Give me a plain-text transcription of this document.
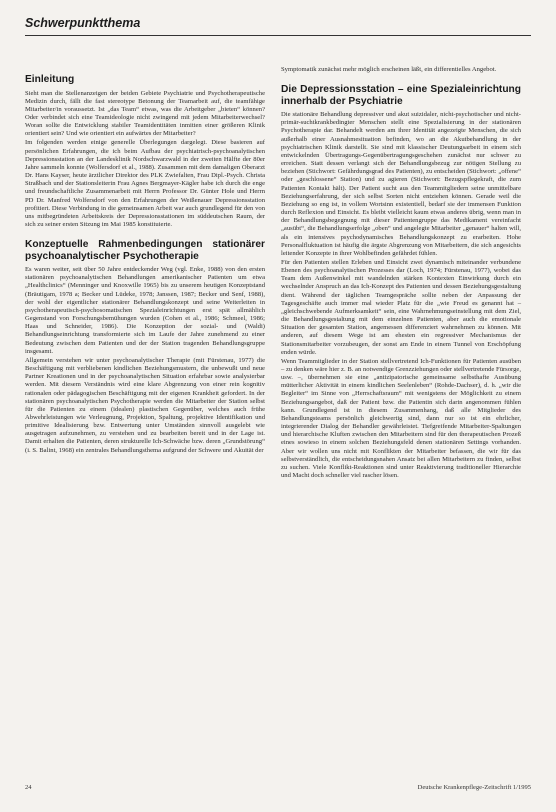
Schwerpunktthema
Einleitung

Sieht man die Stellenanzeigen der beiden Gebiete Psychiatrie und Psychotherapeutische Medizin durch, fällt die fast stereotype Betonung der Teamarbeit auf, die teamfähige Mitarbeiter/in voraussetzt. Ist „das Team“ etwas, was die Arbeitgeber „bieten“ können? Oder verbindet sich eine Teamideologie nicht zwingend mit jedem Mitarbeiterwechsel? Woran sollte die Entwicklung stabiler Teamidentitäten inmitten einer größeren Klinik orientiert sein? Und wie orientiert ein aufwärtes der Mitarbeiter?

Im folgenden werden einige generelle Überlegungen dargelegt. Diese basieren auf persönlichen Erfahrungen, die ich beim Aufbau der psychiatrisch-psychoanalytischen Depressionsstation an der Landesklinik Nordschwarzwald in der zweiten Hälfte der 80er Jahre sammeln konnte (Wolfersdorf et al., 1988). Zusammen mit dem damaligen Oberarzt Dr. Hans Kayser, heute ärztlicher Direktor des PLK Zwiefalten, Frau Dipl.-Psych. Christa Straßbach und der Stationsleiterin Frau Agnes Bergmayer-Kägler habe ich durch die enge und freundschaftliche Zusammenarbeit mit Herrn Professor Dr. Günter Hole und Herrn PD Dr. Manfred Wolfersdorf von den Erfahrungen der Weißenauer Depressionsstation profitiert. Diese Verbindung in die gemeinsamen Arbeit war auch grundlegend für den von uns mitbegründeten Arbeitskreis der Depressionsstationen im süddeutschen Raum, der sich zu seiner ersten Sitzung im Mai 1985 konstituierte.

Konzeptuelle Rahmenbedingungen stationärer psychoanalytischer Psychotherapie

Es waren weiter, seit über 50 Jahre entdeckender Weg (vgl. Enke, 1988) von den ersten stationären psychoanalytischen Behandlungen amerikanischer Patienten um etwa „Healthclinics“ (Menninger und Knoxwille 1965) bis zu unserem heutigen Konzeptstand (Bräutigam, 1978 a; Becker und Lüdeke, 1978; Janssen, 1987; Becker und Senf, 1988), der wohl der eigentlicher stationärer Behandlungskonzept und seine Weiterleiten in psychotherapeutisch-psychosomatischen Spezialeinrichtungen erst spät allmählich Gegenstand von Forschungsbemühungen wurden (Cohen et al., 1986; Schmeel, 1986; Haas und Schneider, 1986). Die Konzeption der sozial- und (Waldi) Behandlungseinrichtung transformierte sich im Laufe der Jahre zunehmend zu einer Bedeutung zwischen dem Patienten und der der Station tragenden Behandlungsgruppe insgesamt.

Allgemein verstehen wir unter psychoanalytischer Therapie (mit Fürstenau, 1977) die Beschäftigung mit verbliebenen kindlichen Beziehungsmustern, die unbewußt und neue Partner Kreationen und in der psychoanalytischen Situation erfahrbar sowie analysierbar werden. Mit diesem Verständnis wird eine klare Abgrenzung von einer rein kognitiv rationalen oder pädagogischen Beschäftigung mit der eigenen Krankheit gefordert. In der stationären psychoanalytischen Psychotherapie werden die Mitarbeiter der Station selbst für die Patienten zu einem (idealen) plastischen Gegenüber, welches auch frühe Abwehrleistungen wie Verleugnung, Projektion, Spaltung, projektive Identifikation und primitive Idealisierung bzw. Entwertung unter Umständen sinnvoll ausgelebt wie ausgetragen aufzunehmen, zu verstehen und zu bearbeiten bereit und in der Lage ist. Damit erhalten die Patienten, deren strukturelle Ich-Schwäche bzw. deren „Grundstörung“ (i. S. Balint, 1968) ein zentrales Behandlungsthema aufgrund der Schwere und Akuität der

Symptomatik zunächst mehr möglich erscheinen läßt, ein differentielles Angebot.

Die Depressionsstation – eine Spezialeinrichtung innerhalb der Psychiatrie

Die stationäre Behandlung depressiver und akut suizidaler, nicht-psychotischer und nicht-primär-suchtkrankbedingter Menschen stellt eine Spezialisierung in der stationären Psychotherapie dar. Behandelt werden am ihrer Identität angezeigte Menschen, die sich außerhalb einer Ausnahmesituation befinden, wo an die Akutbehandlung in der psychiatrischen Klinik darstellt. Sie sind mit klassischer Deutungsarbeit in einem sich entwickelnden Übertragungs-Gegenübertragungsgeschehen zunächst nur schwer zu erreichen. Statt dessen verlangt sich der Behandlungsbezug zur nötigen Stellung zu beziehen (Stichwort: Gefährdungsgrad des Patienten), zu entscheiden (Stichwort: „offene“ oder „geschlossene“ Station) und zu agieren (Stichwort: Bezugspflegekraft, die zum Patienten Kontakt hält). Der Patient sucht aus den Teammitgliedern seine unmittelbare Beziehungserfahrung, der sich selbst Sorten nicht entziehen können. Gerade weil die Beziehung so eng ist, in vollem Wortsinn existentiell, bedarf sie der immensen Funktion durch Reflexion und Einsicht. Es bleibt vielleicht kaum etwas anderes übrig, wenn man in der Behandlungsbegegnung mit dieser Patientengruppe das Medikament vereinfacht „ausübt“, die Behandlungserfolge „oben“ und angelegte Mitarbeiter „genauer“ halten will, als ein intensives psychodynamisches Behandlungskonzept zu erarbeiten. Hohe Personalfluktuation ist häufig die ärgste Abgrenzung von Mitarbeitern, die sich angesichts leitender Konzepte in ihrer Wohlbefinden gefährdet fühlen.

Für den Patienten stellen Erleben und Einsicht zwei dynamisch miteinander verbundene Ebenen des psychoanalytischen Prozesses dar (Loch, 1974; Fürstenau, 1977), wobei das Team dem Außenwinkel mit wandelnden stärken Kontexten Einwirkung durch ein wechselnder Anspruch an das Ich-Konzept des Patienten und dessen Beziehungsgestaltung dient. Während der täglichen Teamgespräche sollte neben der Anpassung der Tagesgeschäfte auch immer mal wieder Platz für die „wie Freud es genannt hat – „gleichschwebende Aufmerksamkeit“ sein, eine Wahrnehmungseinstellung mit dem Ziel, die Behandlungsgestaltung mit dem einzelnen Patienten, aber auch die emotionale Situation der gesamten Station, angemessen differenziert wahrnehmen zu können. Mit anderen, auf diesem Wege ist am ehesten ein regressiver Mechanismus der Stationsmitarbeiter vorzubeugen, der sonst am Ende in einem Tunnel von Erschöpfung enden würde.

Wenn Teammitglieder in der Station stellvertretend Ich-Funktionen für Patienten ausüben – zu denken wäre hier z. B. an notwendige Grenzziehungen oder stellvertretende Fürsorge, usw. –, übernehmen sie eine „antizipatorische gemeinsame selbsthafte Ausübung mütterlicher Aktivität in einem kindlichen Seelenleben“ (Rohde-Dachser), d. h. „wir die Begleiter“ im Sinne von „Herrschaftsraum“ mit wenigstens der Möglichkeit zu einem Beziehungsangebot, daß der Patient bzw. die Patientin sich darin angenommen fühlen kann. Grundlegend ist in diesem Zusammenhang, daß alle Mitglieder des Behandlungsteams persönlich gleichwertig sind, dann nur so ist ein ehrlicher, integrierender Dialog der Behandler gewährleistet. Tiefgreifende Mitarbeiter-Spaltungen und hierarchische Kluften zwischen den Mitarbeitern sind für den therapeutischen Prozeß eines sowieso in einem solchen Beziehungsfeld denen stationären Settings vorhanden. Aber wir wollen uns nicht mit Konflikten der Mitarbeiter befassen, die wir für das selbstverständlich, die entscheidungsnahen Ansatz bei allen Mitarbeitern zu finden, selbst zu suchen. Viele Konflikt-Reaktionen sind unter Reaktivierung traditioneller Hierarchie und Macht doch schneller viel rascher lösen.

24	Deutsche Krankenpflege-Zeitschrift 1/1995
